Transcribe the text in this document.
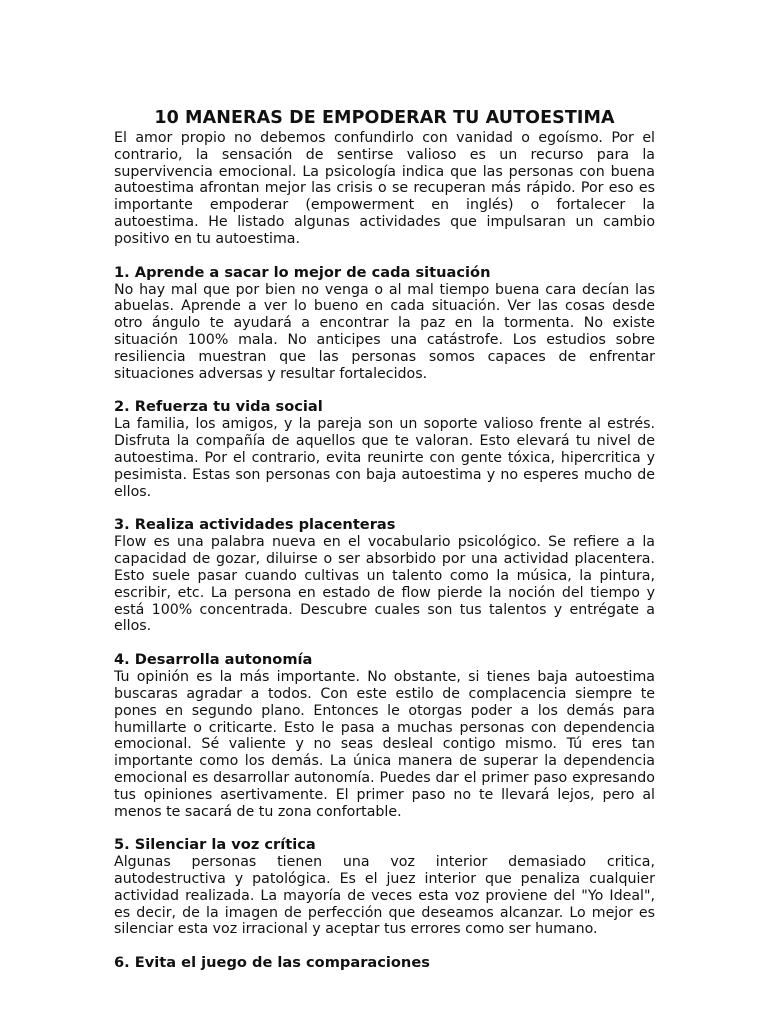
10 MANERAS DE EMPODERAR TU AUTOESTIMA

El amor propio no debemos confundirlo con vanidad o egoísmo. Por el contrario, la sensación de sentirse valioso es un recurso para la supervivencia emocional. La psicología indica que las personas con buena autoestima afrontan mejor las crisis o se recuperan más rápido. Por eso es importante empoderar (empowerment en inglés) o fortalecer la autoestima. He listado algunas actividades que impulsaran un cambio positivo en tu autoestima.

1. Aprende a sacar lo mejor de cada situación

No hay mal que por bien no venga o al mal tiempo buena cara decían las abuelas. Aprende a ver lo bueno en cada situación. Ver las cosas desde otro ángulo te ayudará a encontrar la paz en la tormenta. No existe situación 100% mala. No anticipes una catástrofe. Los estudios sobre resiliencia muestran que las personas somos capaces de enfrentar situaciones adversas y resultar fortalecidos.

2. Refuerza tu vida social

La familia, los amigos, y la pareja son un soporte valioso frente al estrés. Disfruta la compañía de aquellos que te valoran. Esto elevará tu nivel de autoestima. Por el contrario, evita reunirte con gente tóxica, hipercritica y pesimista. Estas son personas con baja autoestima y no esperes mucho de ellos.

3. Realiza actividades placenteras

Flow es una palabra nueva en el vocabulario psicológico. Se refiere a la capacidad de gozar, diluirse o ser absorbido por una actividad placentera. Esto suele pasar cuando cultivas un talento como la música, la pintura, escribir, etc. La persona en estado de flow pierde la noción del tiempo y está 100% concentrada. Descubre cuales son tus talentos y entrégate a ellos.

4. Desarrolla autonomía

Tu opinión es la más importante. No obstante, si tienes baja autoestima buscaras agradar a todos. Con este estilo de complacencia siempre te pones en segundo plano. Entonces le otorgas poder a los demás para humillarte o criticarte. Esto le pasa a muchas personas con dependencia emocional. Sé valiente y no seas desleal contigo mismo. Tú eres tan importante como los demás. La única manera de superar la dependencia emocional es desarrollar autonomía. Puedes dar el primer paso expresando tus opiniones asertivamente. El primer paso no te llevará lejos, pero al menos te sacará de tu zona confortable.

5. Silenciar la voz crítica

Algunas personas tienen una voz interior demasiado critica, autodestructiva y patológica. Es el juez interior que penaliza cualquier actividad realizada. La mayoría de veces esta voz proviene del "Yo Ideal", es decir, de la imagen de perfección que deseamos alcanzar. Lo mejor es silenciar esta voz irracional y aceptar tus errores como ser humano.

6. Evita el juego de las comparaciones
